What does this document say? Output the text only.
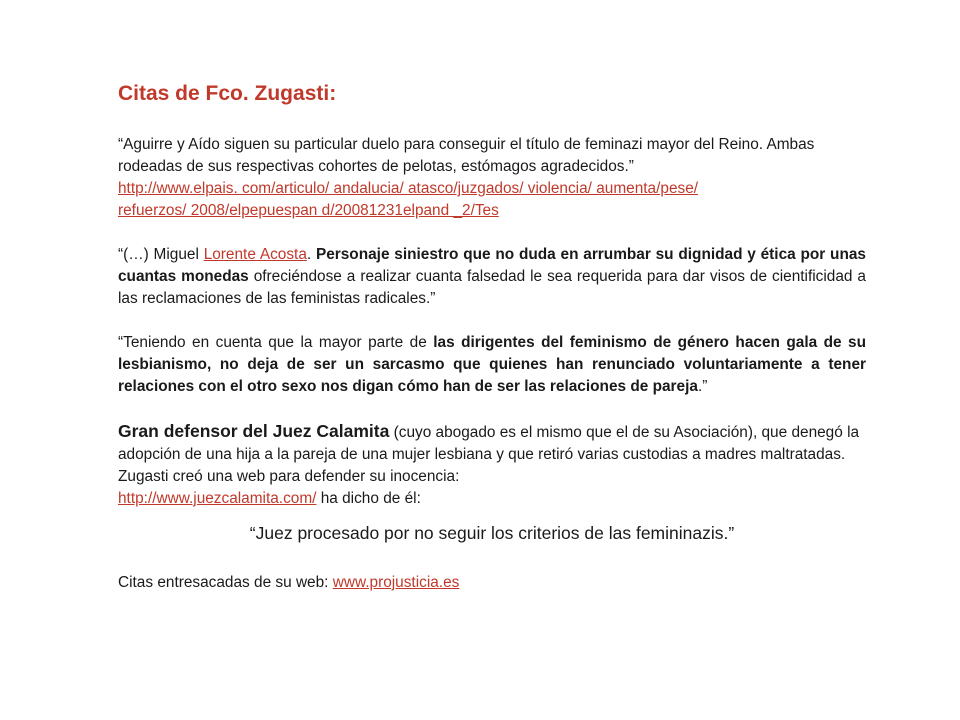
Citas de Fco. Zugasti:

“Aguirre y Aído siguen su particular duelo para conseguir el título de feminazi mayor del Reino. Ambas rodeadas de sus respectivas cohortes de pelotas, estómagos agradecidos.”

http://www.elpais. com/articulo/ andalucia/ atasco/juzgados/ violencia/ aumenta/pese/
refuerzos/ 2008/elpepuespan d/20081231elpand _2/Tes

“(…) Miguel Lorente Acosta. Personaje siniestro que no duda en arrumbar su dignidad y ética por unas cuantas monedas ofreciéndose a realizar cuanta falsedad le sea requerida para dar visos de cientificidad a las reclamaciones de las feministas radicales.”
“Teniendo en cuenta que la mayor parte de las dirigentes del feminismo de género hacen gala de su lesbianismo, no deja de ser un sarcasmo que quienes han renunciado voluntariamente a tener relaciones con el otro sexo nos digan cómo han de ser las relaciones de pareja.”
Gran defensor del Juez Calamita (cuyo abogado es el mismo que el de su Asociación), que denegó la adopción de una hija a la pareja de una mujer lesbiana y que retiró varias custodias a madres maltratadas. Zugasti creó una web para defender su inocencia:
http://www.juezcalamita.com/ ha dicho de él:
“Juez procesado por no seguir los criterios de las femininazis.”
Citas entresacadas de su web: www.projusticia.es
